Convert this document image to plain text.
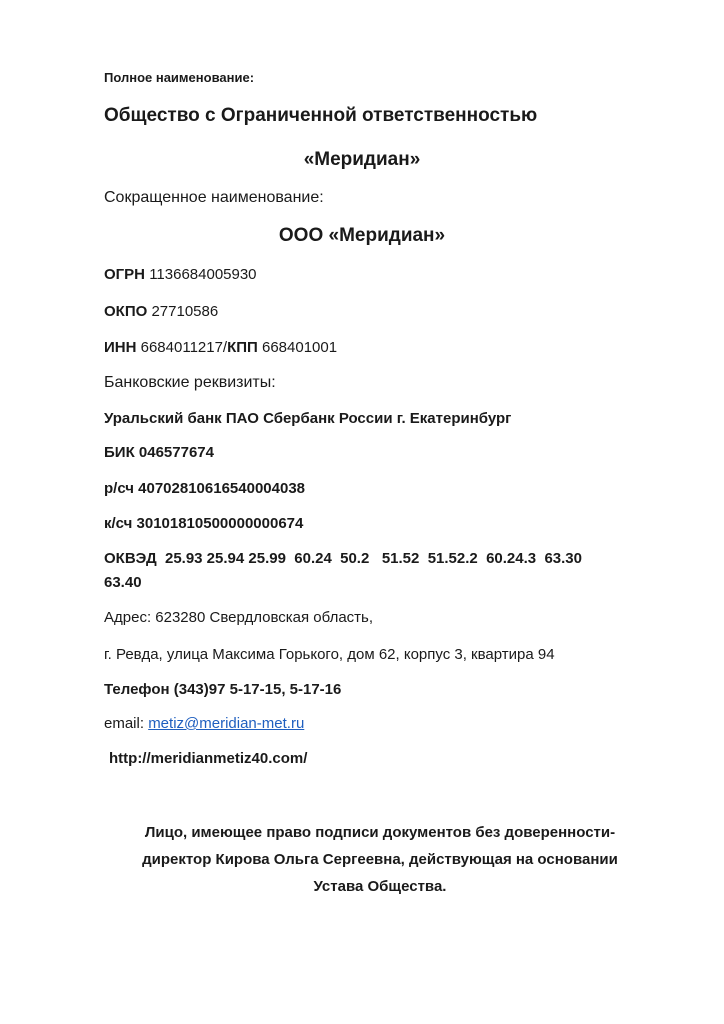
Полное наименование:
Общество с Ограниченной ответственностью
«Меридиан»
Сокращенное наименование:
ООО «Меридиан»
ОГРН 1136684005930
ОКПО 27710586
ИНН 6684011217/КПП 668401001
Банковские реквизиты:
Уральский банк ПАО Сбербанк России г. Екатеринбург
БИК 046577674
р/сч 40702810616540004038
к/сч 30101810500000000674
ОКВЭД  25.93 25.94 25.99  60.24  50.2   51.52  51.52.2  60.24.3  63.30
63.40
Адрес: 623280 Свердловская область,
г. Ревда, улица Максима Горького, дом 62, корпус 3, квартира 94
Телефон (343)97 5-17-15, 5-17-16
email: metiz@meridian-met.ru
http://meridianmetiz40.com/
Лицо, имеющее право подписи документов без доверенности-
директор Кирова Ольга Сергеевна, действующая на основании
Устава Общества.
